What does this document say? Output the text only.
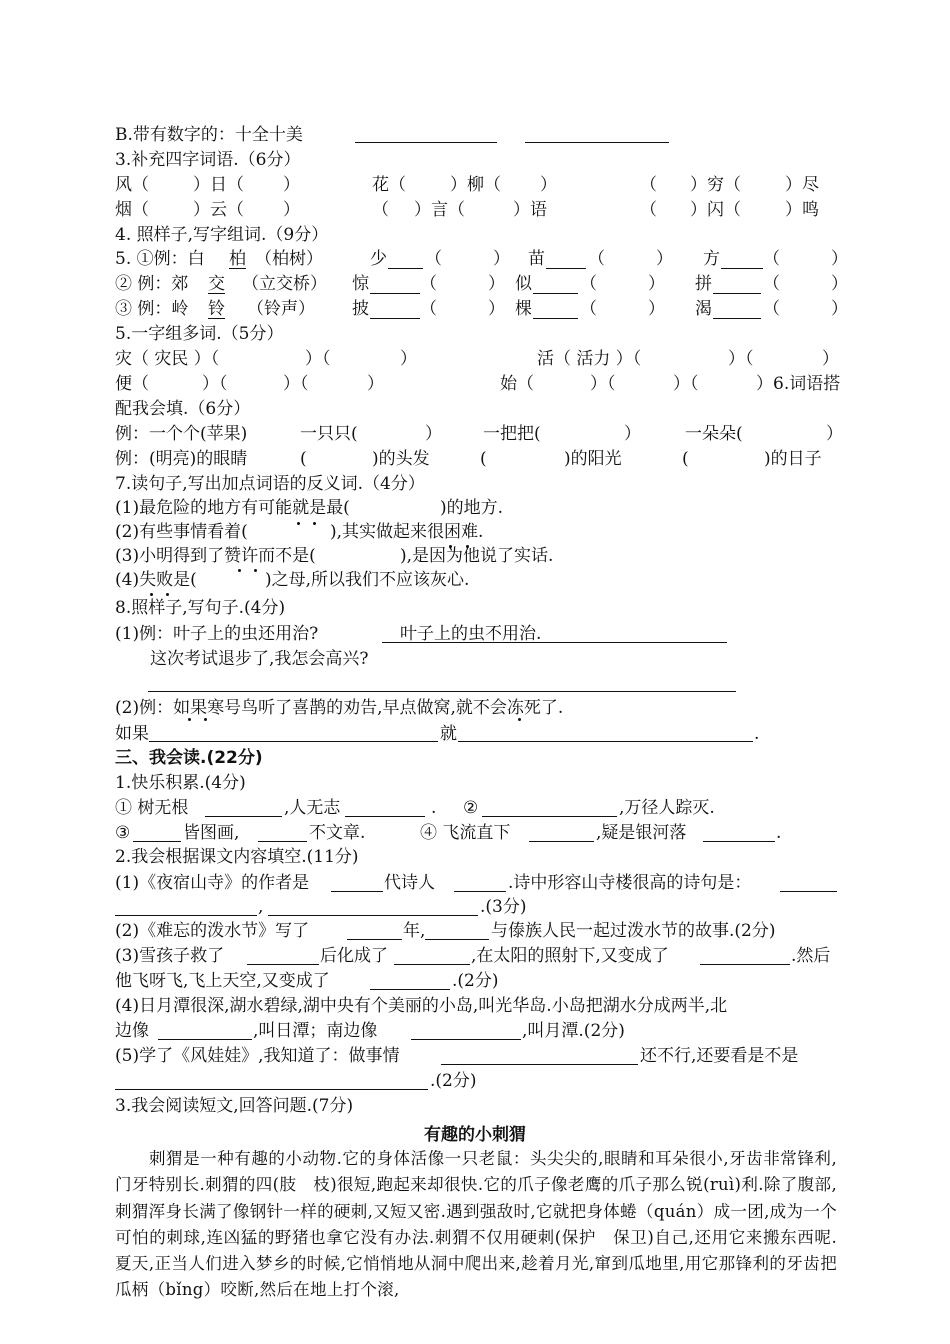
B.带有数字的：十全十美
3.补充四字词语.（6分）
风（	）日（ ）	花（	）柳（ ）	（ ）穷（	）尽
烟（	）云（ ）	（ ）言（	）语	（ ）闪（	）鸣
4. 照样子,写字组词.（9分）
5. ①例：白	柏 （柏树）	少 （　　　） 苗	（　　　） 方	（　　　）
② 例：郊	交	（立交桥） 惊	（　　　） 似	（　　　） 拼	（　　　）
③ 例：岭	铃	（铃声） 披	（　　　） 棵	（　　　） 渴	（　　　）
5.一字组多词.（5分）
灾（ 灾民 ）（	）（	）	活（ 活力 ）（	）（	）
便（	）（	）（	）	始（	）（	）（	）6.词语搭
配我会填.（6分）
例：一个个(苹果)	一只只(	） 一把把(	）	一朵朵(	）
例：(明亮)的眼睛	(	)的头发	(	)的阳光	(	)的日子
7.读句子,写出加点词语的反义词.（4分）
(1)最危险的地方有可能就是最(	)的地方.
(2)有些事情看着(	),其实做起来很困难.
(3)小明得到了赞许而不是(	),是因为他说了实话.
(4)失败是(	)之母,所以我们不应该灰心.
8.照样子,写句子.(4分)
(1)例：叶子上的虫还用治?	叶子上的虫不用治.
这次考试退步了,我怎会高兴?
(2)例：如果寒号鸟听了喜鹊的劝告,早点做窝,就不会冻死了.
如果	就	.
三、我会读.(22分)
1.快乐积累.(4分)
① 树无根	,人无志	. ②	,万径人踪灭.
③	皆图画,	不文章.	④ 飞流直下	,疑是银河落	.
2.我会根据课文内容填空.(11分)
(1)《夜宿山寺》的作者是	代诗人	.诗中形容山寺楼很高的诗句是：
,	.(3分)
(2)《难忘的泼水节》写了	年,	与傣族人民一起过泼水节的故事.(2分)
(3)雪孩子救了	后化成了	,在太阳的照射下,又变成了	.然后
他飞呀飞,飞上天空,又变成了	.(2分)
(4)日月潭很深,湖水碧绿,湖中央有个美丽的小岛,叫光华岛.小岛把湖水分成两半,北
边像	,叫日潭；南边像	,叫月潭.(2分)
(5)学了《风娃娃》,我知道了：做事情	还不行,还要看是不是
.(2分)
3.我会阅读短文,回答问题.(7分)
有趣的小刺猬
刺猬是一种有趣的小动物.它的身体活像一只老鼠：头尖尖的,眼睛和耳朵很小,牙齿非常锋利,门牙特别长.刺猬的四(肢　枝)很短,跑起来却很快.它的爪子像老鹰的爪子那么锐(ruì)利.除了腹部,刺猬浑身长满了像钢针一样的硬刺,又短又密.遇到强敌时,它就把身体蜷（quán）成一团,成为一个可怕的刺球,连凶猛的野猪也拿它没有办法.刺猬不仅用硬刺(保护　保卫)自己,还用它来搬东西呢.夏天,正当人们进入梦乡的时候,它悄悄地从洞中爬出来,趁着月光,窜到瓜地里,用它那锋利的牙齿把瓜柄（bǐng）咬断,然后在地上打个滚,
